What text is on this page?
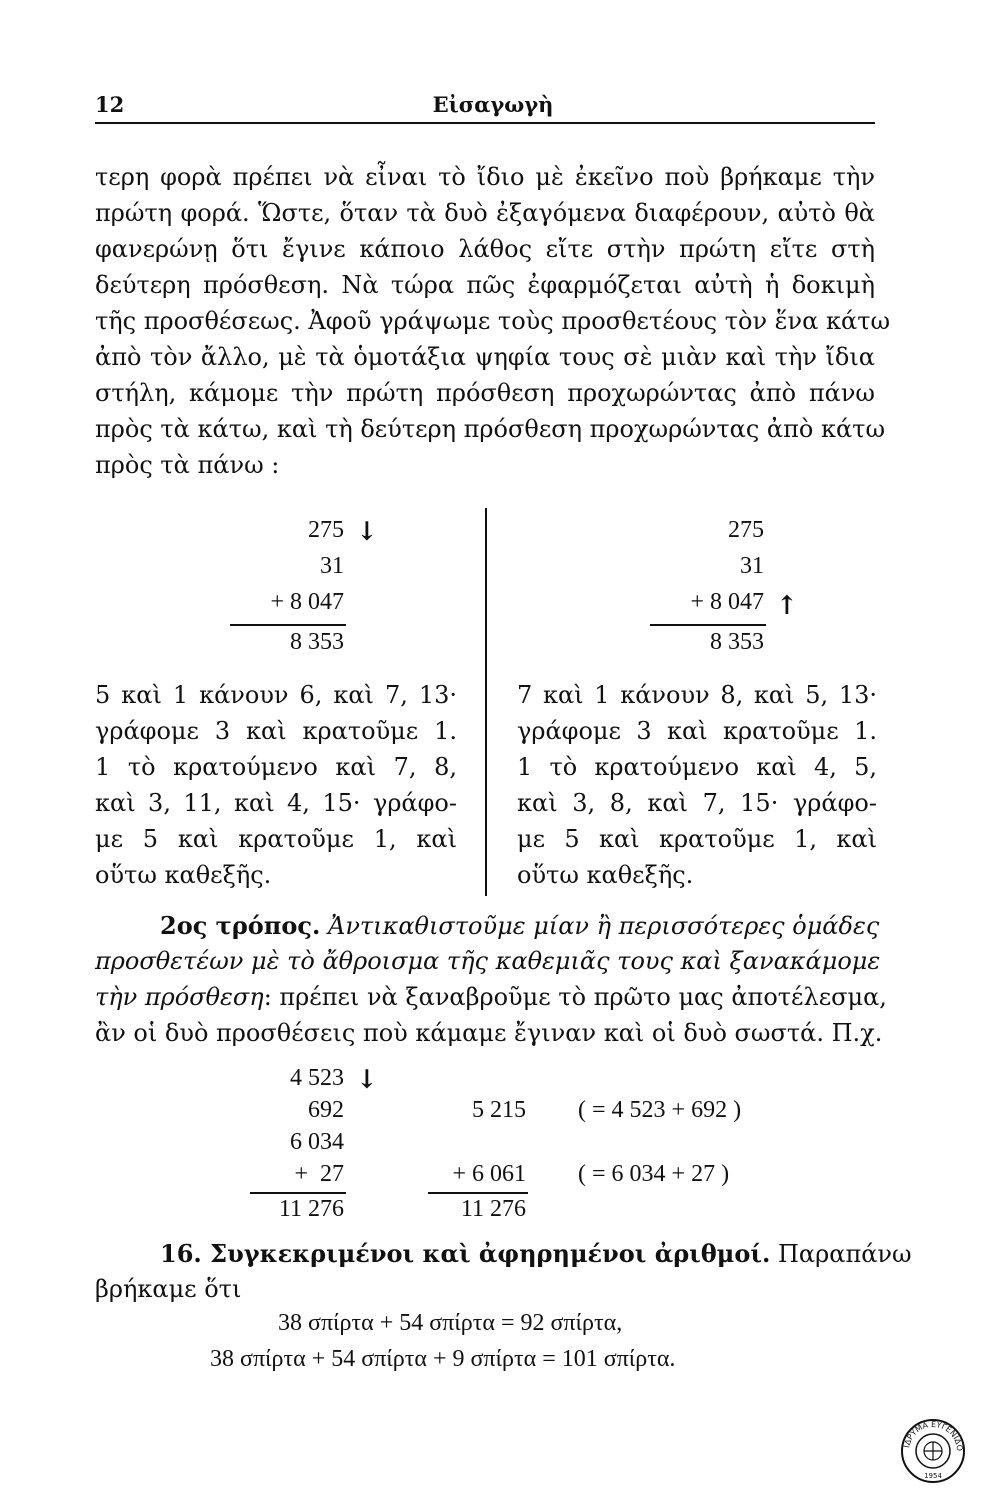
12	Εἰσαγωγὴ
τερη φορὰ πρέπει νὰ εἶναι τὸ ἴδιο μὲ ἐκεῖνο ποὺ βρήκαμε τὴν
πρώτη φορά. Ὥστε, ὅταν τὰ δυὸ ἐξαγόμενα διαφέρουν, αὐτὸ θὰ
φανερώνῃ ὅτι ἔγινε κάποιο λάθος εἴτε στὴν πρώτη εἴτε στὴ
δεύτερη πρόσθεση. Νὰ τώρα πῶς ἐφαρμόζεται αὐτὴ ἡ δοκιμὴ
τῆς προσθέσεως. Ἀφοῦ γράψωμε τοὺς προσθετέους τὸν ἕνα κάτω
ἀπὸ τὸν ἄλλο, μὲ τὰ ὁμοτάξια ψηφία τους σὲ μιὰν καὶ τὴν ἴδια
στήλη, κάμομε τὴν πρώτη πρόσθεση προχωρώντας ἀπὸ πάνω
πρὸς τὰ κάτω, καὶ τὴ δεύτερη πρόσθεση προχωρώντας ἀπὸ κάτω
πρὸς τὰ πάνω :
275 ↓
31
+ 8 047
8 353
275
31
+ 8 047 ↑
8 353
5 καὶ 1 κάνουν 6, καὶ 7, 13·
γράφομε 3 καὶ κρατοῦμε 1.
1 τὸ κρατούμενο καὶ 7, 8,
καὶ 3, 11, καὶ 4, 15· γράφο-
με 5 καὶ κρατοῦμε 1, καὶ
οὕτω καθεξῆς.
7 καὶ 1 κάνουν 8, καὶ 5, 13·
γράφομε 3 καὶ κρατοῦμε 1.
1 τὸ κρατούμενο καὶ 4, 5,
καὶ 3, 8, καὶ 7, 15· γράφο-
με 5 καὶ κρατοῦμε 1, καὶ
οὕτω καθεξῆς.
2ος τρόπος. Ἀντικαθιστοῦμε μίαν ἢ περισσότερες ὁμάδες
προσθετέων μὲ τὸ ἄθροισμα τῆς καθεμιᾶς τους καὶ ξανακάμομε
τὴν πρόσθεση: πρέπει νὰ ξαναβροῦμε τὸ πρῶτο μας ἀποτέλεσμα,
ἂν οἱ δυὸ προσθέσεις ποὺ κάμαμε ἔγιναν καὶ οἱ δυὸ σωστά. Π.χ.
4 523 ↓
692
6 034
+  27
11 276
5 215
+ 6 061
11 276
( = 4 523 + 692 )
( = 6 034 + 27 )
16. Συγκεκριμένοι καὶ ἀφηρημένοι ἀριθμοί. Παραπάνω
βρήκαμε ὅτι
38 σπίρτα + 54 σπίρτα = 92 σπίρτα,
38 σπίρτα + 54 σπίρτα + 9 σπίρτα = 101 σπίρτα.
ΙΔΡΥΜΑ ΕΥΓΕΝΙΔΟ
1954
